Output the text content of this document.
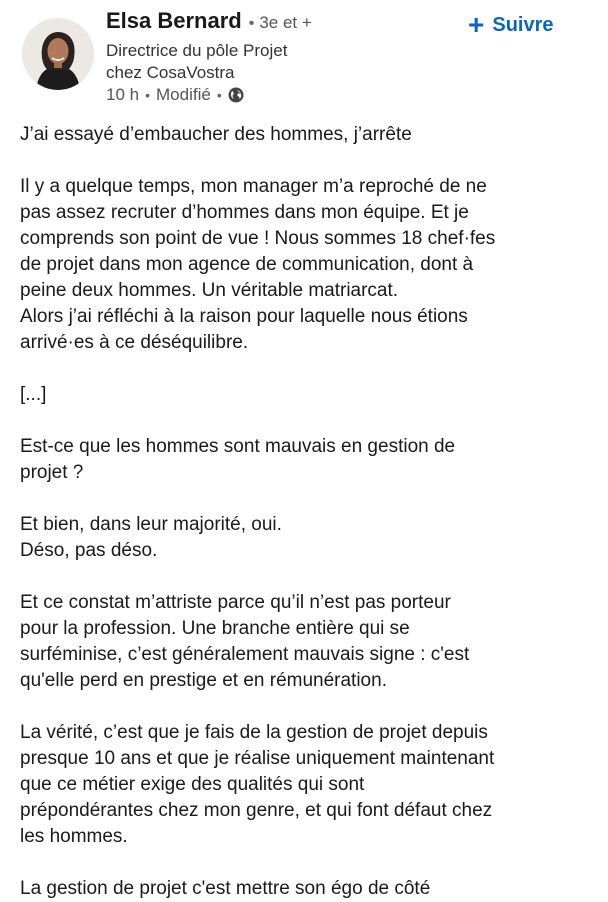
Elsa Bernard • 3e et +
Directrice du pôle Projet
chez CosaVostra
10 h • Modifié •
+ Suivre

J’ai essayé d’embaucher des hommes, j’arrête

Il y a quelque temps, mon manager m’a reproché de ne
pas assez recruter d’hommes dans mon équipe. Et je
comprends son point de vue ! Nous sommes 18 chef·fes
de projet dans mon agence de communication, dont à
peine deux hommes. Un véritable matriarcat.
Alors j’ai réfléchi à la raison pour laquelle nous étions
arrivé·es à ce déséquilibre.

[...]

Est-ce que les hommes sont mauvais en gestion de
projet ?

Et bien, dans leur majorité, oui.
Déso, pas déso.

Et ce constat m’attriste parce qu’il n’est pas porteur
pour la profession. Une branche entière qui se
surféminise, c’est généralement mauvais signe : c'est
qu'elle perd en prestige et en rémunération.

La vérité, c’est que je fais de la gestion de projet depuis
presque 10 ans et que je réalise uniquement maintenant
que ce métier exige des qualités qui sont
prépondérantes chez mon genre, et qui font défaut chez
les hommes.

La gestion de projet c'est mettre son égo de côté
